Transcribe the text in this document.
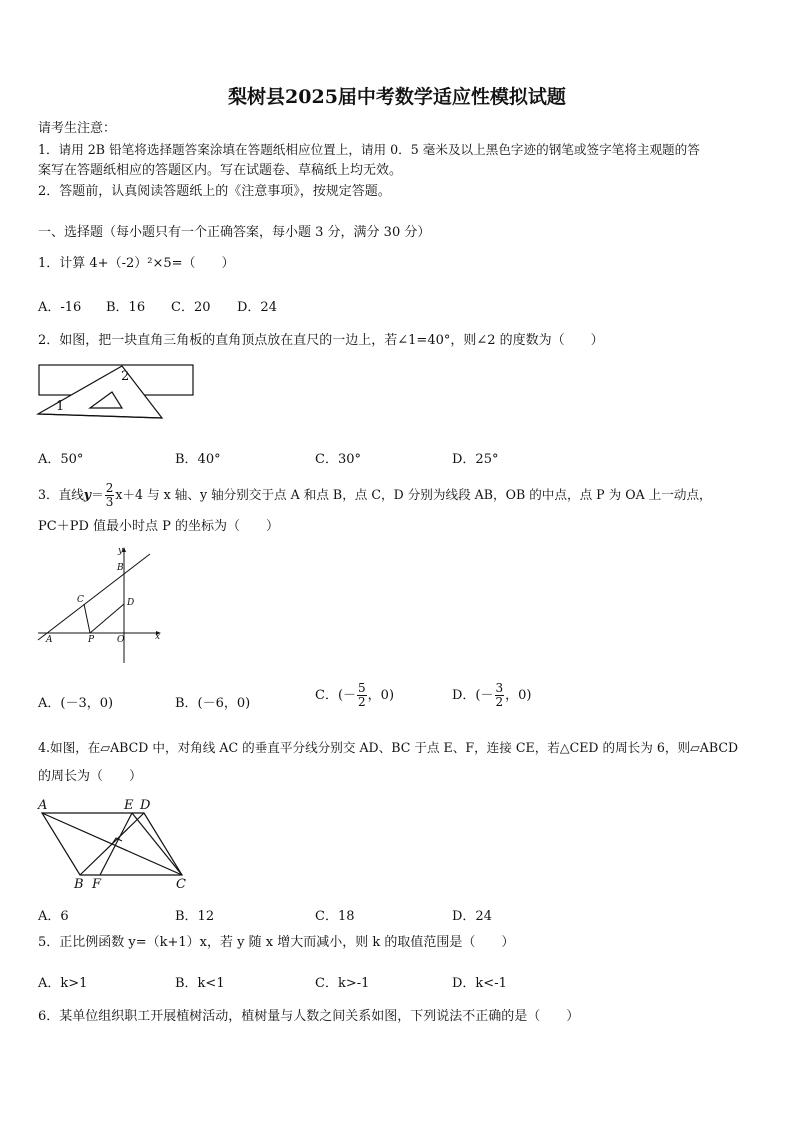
梨树县2025届中考数学适应性模拟试题
请考生注意：
1．请用 2B 铅笔将选择题答案涂填在答题纸相应位置上，请用 0．5 毫米及以上黑色字迹的钢笔或签字笔将主观题的答
案写在答题纸相应的答题区内。写在试题卷、草稿纸上均无效。
2．答题前，认真阅读答题纸上的《注意事项》，按规定答题。
一、选择题（每小题只有一个正确答案，每小题 3 分，满分 30 分）
1．计算 4+（-2）²×5=（　　）
A．-16 B．16 C．20 D．24
2．如图，把一块直角三角板的直角顶点放在直尺的一边上，若∠1=40°，则∠2 的度数为（　　）
1
2
A．50°	B．40°	C．30°	D．25°
3．直线$y= \frac{2}{3} x+4$ 与 x 轴、y 轴分别交于点 A 和点 B，点 C，D 分别为线段 AB，OB 的中点，点 P 为 OA 上一动点，
PC＋PD 值最小时点 P 的坐标为（　　）
y
x
B
C	D
A	P	O
A．(－3，0)	B．(－6，0)
C．(－ $\frac{5}{2}$ ，0)	D．(－ $\frac{3}{2}$ ，0)
4.如图，在▱ABCD 中，对角线 AC 的垂直平分线分别交 AD、BC 于点 E、F，连接 CE，若△CED 的周长为 6，则▱ABCD
的周长为（　　）
A	E D
B F	C
A．6	B．12	C．18	D．24
5．正比例函数 y=（k+1）x，若 y 随 x 增大而减小，则 k 的取值范围是（　　）
A．k>1	B．k<1	C．k>-1	D．k<-1
6．某单位组织职工开展植树活动，植树量与人数之间关系如图，下列说法不正确的是（　　）
